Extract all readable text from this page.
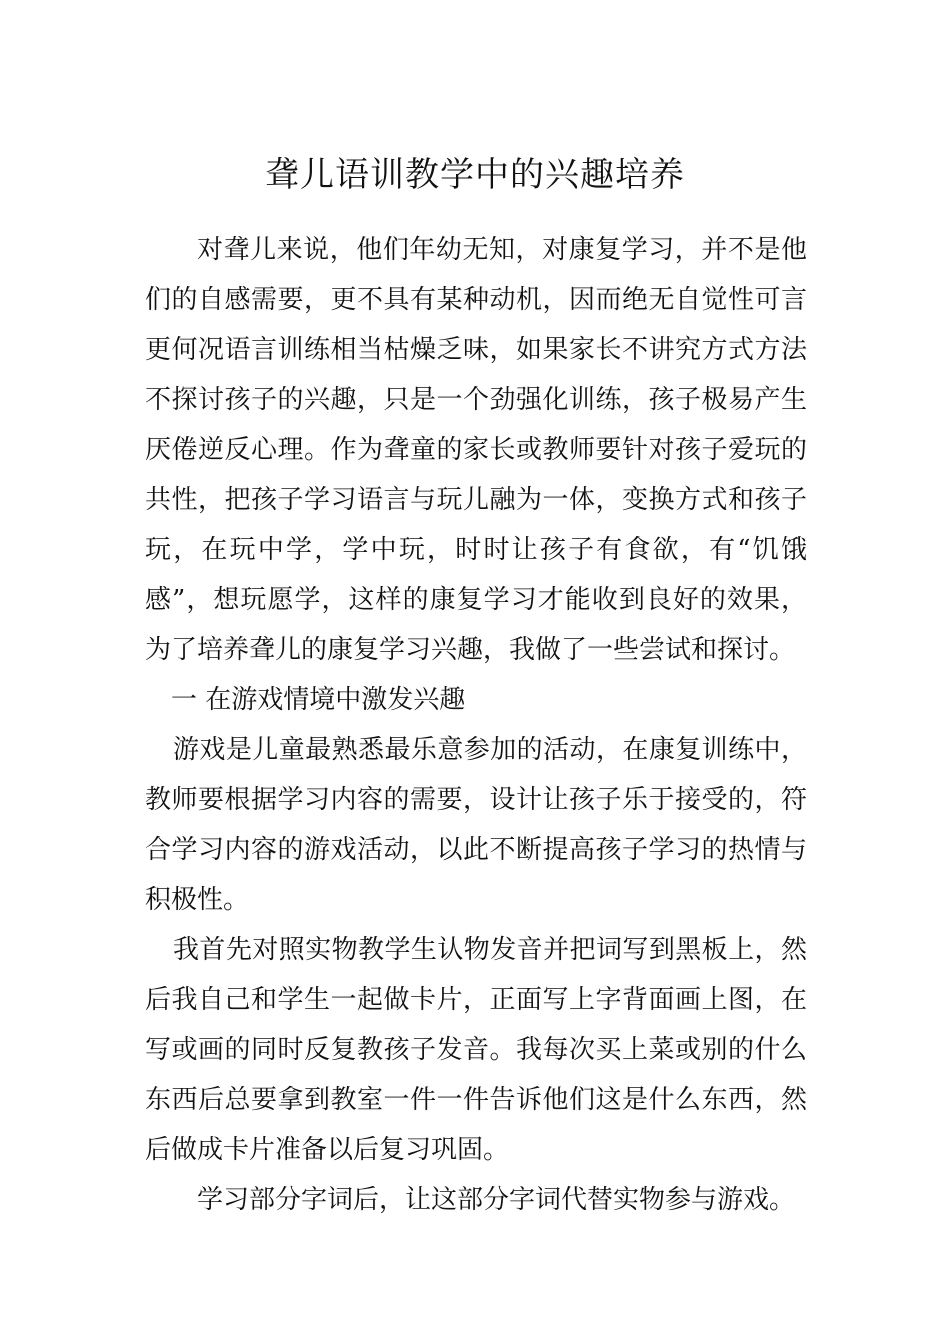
聋儿语训教学中的兴趣培养

对聋儿来说，他们年幼无知，对康复学习，并不是他

们的自感需要，更不具有某种动机，因而绝无自觉性可言

更何况语言训练相当枯燥乏味，如果家长不讲究方式方法

不探讨孩子的兴趣，只是一个劲强化训练，孩子极易产生

厌倦逆反心理。作为聋童的家长或教师要针对孩子爱玩的

共性，把孩子学习语言与玩儿融为一体，变换方式和孩子

玩，在玩中学，学中玩，时时让孩子有食欲，有“饥饿

感”，想玩愿学，这样的康复学习才能收到良好的效果，

为了培养聋儿的康复学习兴趣，我做了一些尝试和探讨。

一 在游戏情境中激发兴趣

游戏是儿童最熟悉最乐意参加的活动，在康复训练中，

教师要根据学习内容的需要，设计让孩子乐于接受的，符

合学习内容的游戏活动，以此不断提高孩子学习的热情与

积极性。

我首先对照实物教学生认物发音并把词写到黑板上，然

后我自己和学生一起做卡片，正面写上字背面画上图，在

写或画的同时反复教孩子发音。我每次买上菜或别的什么

东西后总要拿到教室一件一件告诉他们这是什么东西，然

后做成卡片准备以后复习巩固。

学习部分字词后，让这部分字词代替实物参与游戏。
